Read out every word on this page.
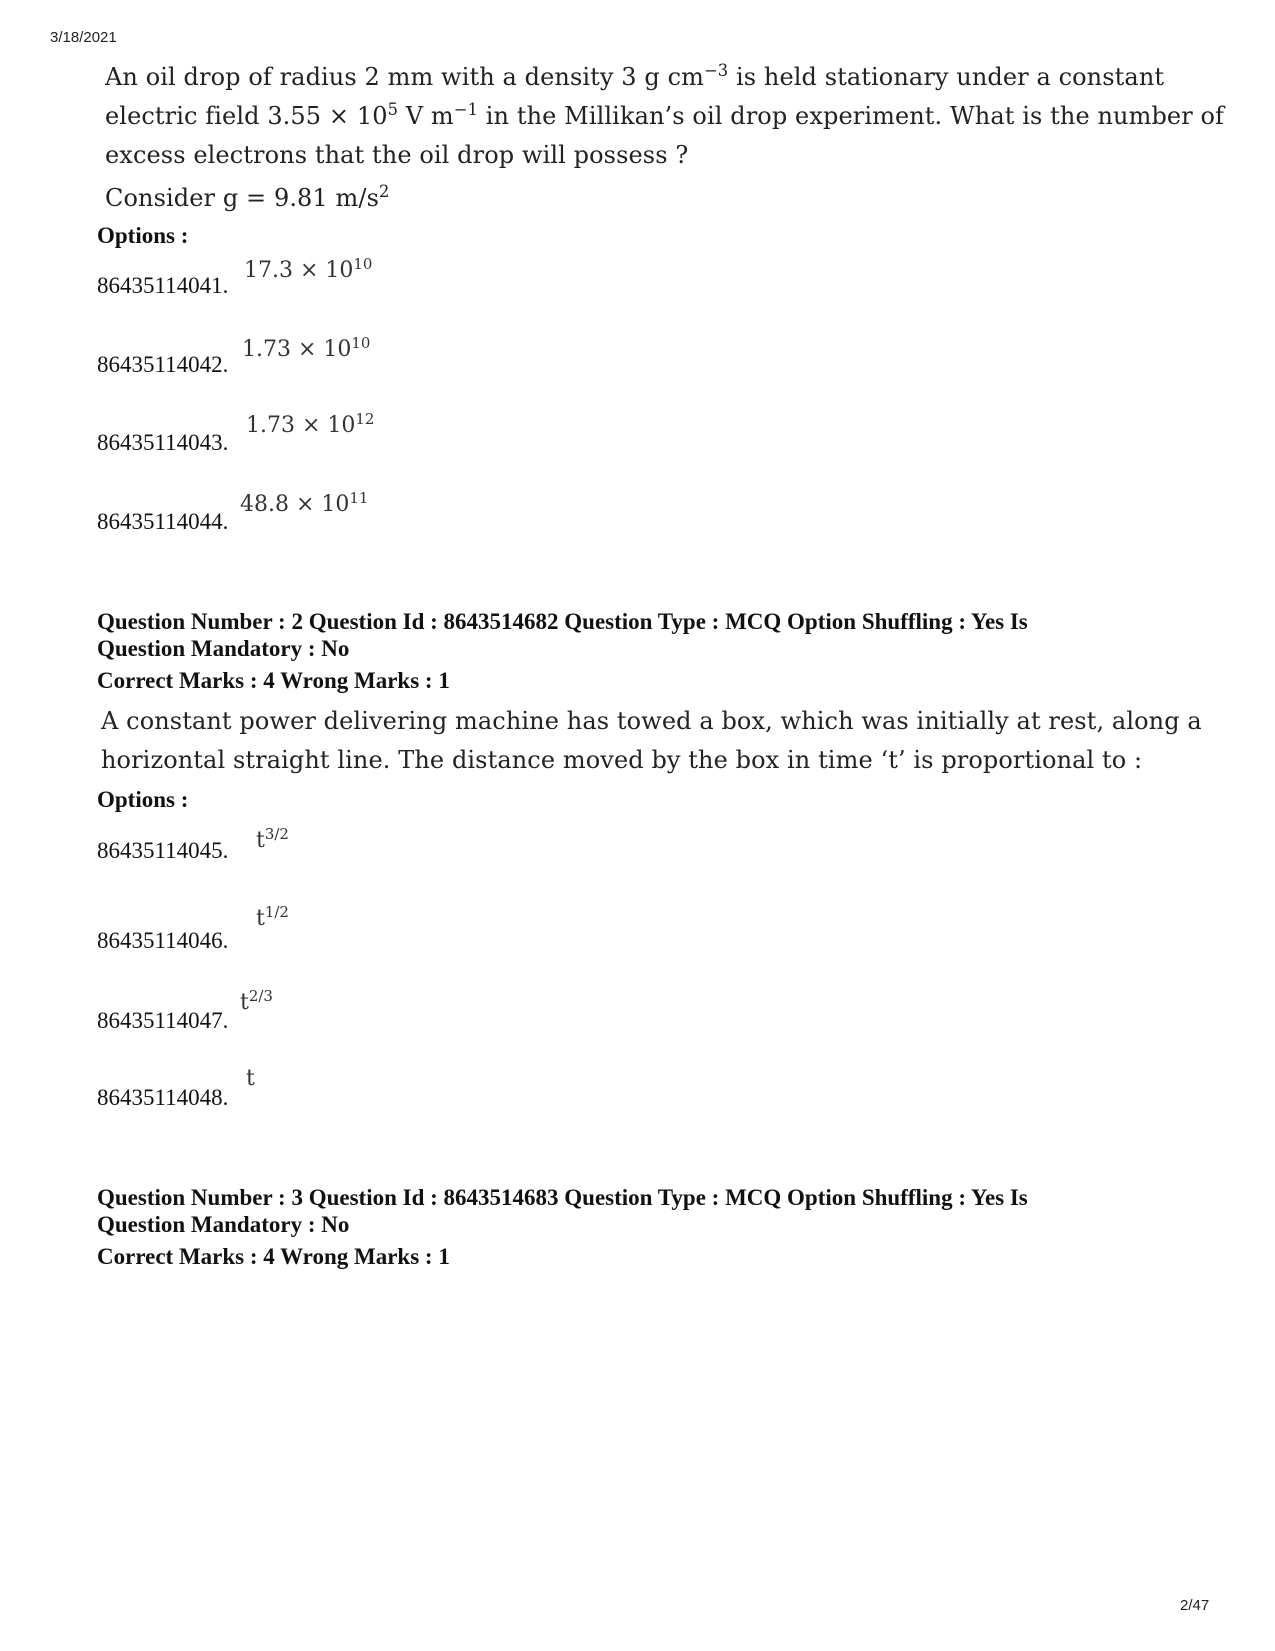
3/18/2021
An oil drop of radius 2 mm with a density 3 g $cm^{-3}$ is held stationary under a constant
electric field $3.55 \times 10^5$ V $m^{-1}$ in the Millikan’s oil drop experiment. What is the number of
excess electrons that the oil drop will possess ?
Consider g = 9.81 $m/s^2$
Options :
86435114041.
$17.3 \times 10^{10}$
86435114042.
$1.73 \times 10^{10}$
86435114043.
$1.73 \times 10^{12}$
86435114044.
$48.8 \times 10^{11}$
Question Number : 2 Question Id : 8643514682 Question Type : MCQ Option Shuffling : Yes Is
Question Mandatory : No
Correct Marks : 4 Wrong Marks : 1
A constant power delivering machine has towed a box, which was initially at rest, along a
horizontal straight line. The distance moved by the box in time ‘t’ is proportional to :
Options :
86435114045. $t^{3/2}$
86435114046.
$t^{1/2}$
86435114047.
$t^{2/3}$
86435114048.
t
Question Number : 3 Question Id : 8643514683 Question Type : MCQ Option Shuffling : Yes Is
Question Mandatory : No
Correct Marks : 4 Wrong Marks : 1
2/47
